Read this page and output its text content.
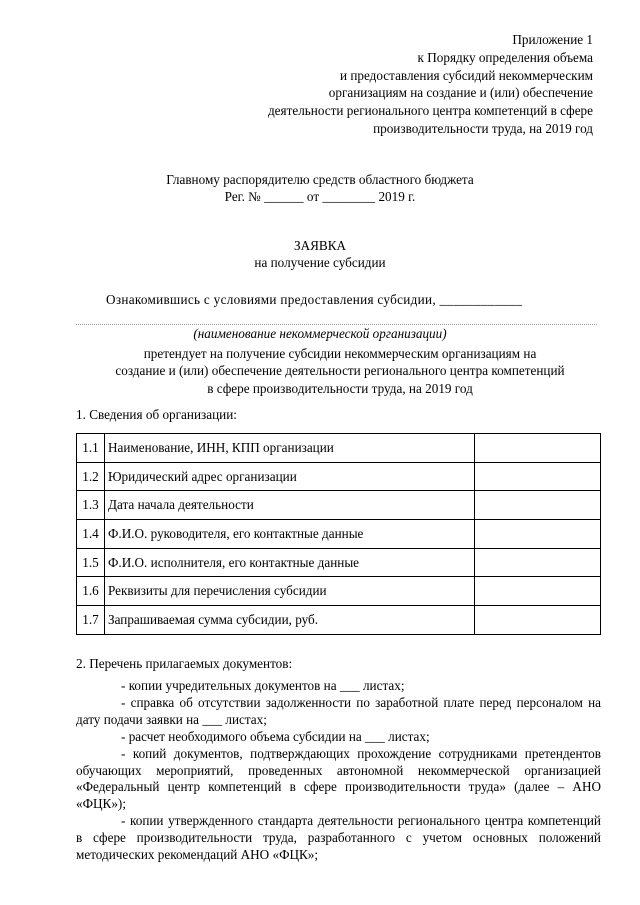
Приложение 1
к Порядку определения объема
и предоставления субсидий некоммерческим
организациям на создание и (или) обеспечение
деятельности регионального центра компетенций в сфере
производительности труда, на 2019 год
Главному распорядителю средств областного бюджета
Рег. № ______ от ________ 2019 г.
ЗАЯВКА
на получение субсидии
Ознакомившись с условиями предоставления субсидии, ____________
(наименование некоммерческой организации)
претендует на получение субсидии некоммерческим организациям на
создание и (или) обеспечение деятельности регионального центра компетенций
в сфере производительности труда, на 2019 год
1. Сведения об организации:
1.1	Наименование, ИНН, КПП организации	
1.2	Юридический адрес организации	
1.3	Дата начала деятельности	
1.4	Ф.И.О. руководителя, его контактные данные	
1.5	Ф.И.О. исполнителя, его контактные данные	
1.6	Реквизиты для перечисления субсидии	
1.7	Запрашиваемая сумма субсидии, руб.	
2. Перечень прилагаемых документов:

- копии учредительных документов на ___ листах;

- справка об отсутствии задолженности по заработной плате перед персоналом на дату подачи заявки на ___ листах;

- расчет необходимого объема субсидии на ___ листах;

- копий документов, подтверждающих прохождение сотрудниками претендентов обучающих мероприятий, проведенных автономной некоммерческой организацией «Федеральный центр компетенций в сфере производительности труда» (далее – АНО «ФЦК»);

- копии утвержденного стандарта деятельности регионального центра компетенций в сфере производительности труда, разработанного с учетом основных положений методических рекомендаций АНО «ФЦК»;
